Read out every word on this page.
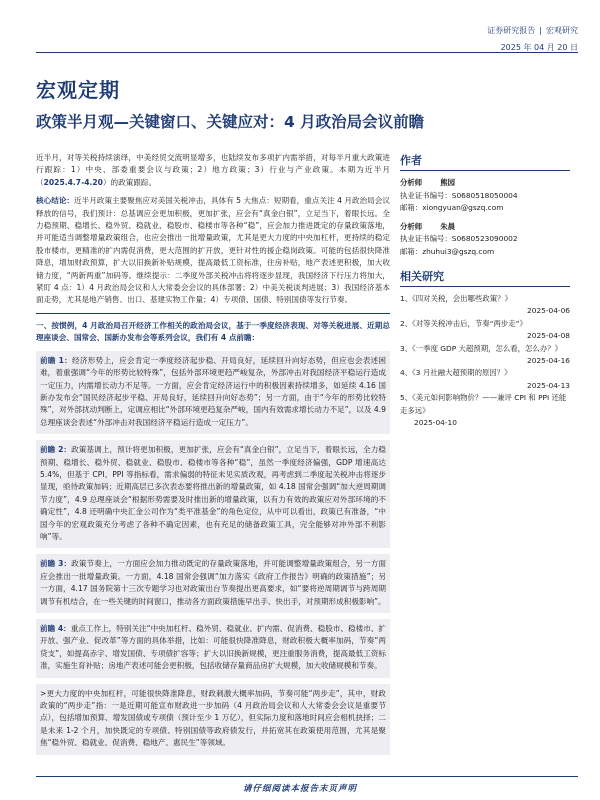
证券研究报告 | 宏观研究
2025 年 04 月 20 日
宏观定期
政策半月观—关键窗口、关键应对：4 月政治局会议前瞻

近半月，对等关税持续演绎，中美经贸交流明显增多，也陆续发布多项扩内需举措，对每半月重大政策进行跟踪：1）中央、部委重要会议与政策；2）地方政策；3）行业与产业政策。本期为近半月（2025.4.7-4.20）的政策跟踪。

核心结论：近半月政策主要聚焦应对美国关税冲击，具体有 5 大焦点：短期看，重点关注 4 月政治局会议释放的信号，我们预计：总基调应会更加积极，更加扩张，应会有“真金白银”，立足当下，着眼长远。全力稳预期、稳增长、稳外贸、稳就业、稳股市、稳楼市等各种“稳”，应会加力推进既定的存量政策落地，并可能适当调整增量政策组合，也应会推出一批增量政策，尤其是更大力度的中央加杠杆，更持续的稳定股市楼市，更精准的扩内需促消费，更大范围的扩开放，更针对性的援企稳岗政策。可能的包括很快降准降息，增加财政预算，扩大以旧换新补贴规模，提高最低工资标准，住房补贴，地产表述更积极，加大收储力度，“两新两重”加码等。继续提示：二季度外部关税冲击将将逐步显现，我国经济下行压力将加大，紧盯 4 点：1）4 月政治局会议和人大常委会会议的具体部署；2）中美关税谈判进展；3）我国经济基本面走势，尤其是地产销售、出口、基建实物工作量；4）专项债、国债、特别国债等发行节奏。

一、按惯例，4 月政治局召开经济工作相关的政治局会议，基于一季度经济表现、对等关税进展、近期总理座谈会、国常会、国新办发布会等系列会议，我们有 4 点前瞻：

前瞻 1：经济形势上，应会肯定一季度经济起步稳、开局良好，延续回升向好态势，但应也会表述困难，着重强调“今年的形势比较特殊”，包括外部环境更趋严峻复杂，外部冲击对我国经济平稳运行造成一定压力，内需增长动力不足等。一方面，应会肯定经济运行中的积极因素持续增多，如延续 4.16 国新办发布会“国民经济起步平稳、开局良好，延续回升向好态势”；另一方面，由于“今年的形势比较特殊”，对外部扰动判断上，定调应相比“外部环境更趋复杂严峻，国内有效需求增长动力不足”，以及 4.9 总理座谈会表述“外部冲击对我国经济平稳运行造成一定压力”。
前瞻 2：政策基调上，预计将更加积极，更加扩张，应会有“真金白银”，立足当下，着眼长远，全力稳预期、稳增长、稳外贸、稳就业、稳股市、稳楼市等各种“稳”，虽然一季度经济偏强，GDP 增速高达 5.4%，但基于 CPI、PPI 等指标看，需求偏弱的特征未见实质改观，再考虑到二季度起关税冲击将逐步显现，亟待政策加码；近期高层已多次表态要将推出新的增量政策，如 4.18 国常会强调“加大逆周期调节力度”，4.9 总理座谈会“根据形势需要及时推出新的增量政策，以有力有效的政策应对外部环境的不确定性”，4.8 还明确中央汇金公司作为“类平准基金”的角色定位，从中可以看出，政策已有准备，“中国今年的宏观政策充分考虑了各种不确定因素，也有充足的储备政策工具，完全能够对冲外部不利影响”等。
前瞻 3：政策节奏上，一方面应会加力推动既定的存量政策落地，并可能调整增量政策组合，另一方面应会推出一批增量政策。一方面，4.18 国常会强调“加力落实《政府工作报告》明确的政策措施”；另一方面，4.17 国务院第十三次专题学习也对政策出台节奏提出更高要求，如“要将逆周期调节与跨周期调节有机结合，在一些关键的时间窗口，推动各方面政策措施早出手、快出手，对预期形成积极影响”。
前瞻 4：重点工作上，特别关注“中央加杠杆、稳外贸、稳就业、扩内需、促消费、稳股市、稳楼市、扩开放、强产业、促改革”等方面的具体举措，比如：可能很快降准降息，财政积极大概率加码，节奏“两贷支”，如提高赤字、增发国债、专项债扩容等；扩大以旧换新规模，更注重服务消费，提高最低工资标准，实施生育补贴；房地产表述可能会更积极，包括收储存量商品房扩大规模，加大收储规模和节奏。
>更大力度的中央加杠杆，可能很快降准降息，财政刺激大概率加码，节奏可能“两步走”，其中，财政政策的“两步走”指：一是近期可能宣布财政进一步加码（4 月政治局会议和人大常委会会议是重要节点），包括增加预算、增发国债或专项债（预计至少 1 万亿），但实际力度和落地时间应会相机抉择；二是未来 1-2 个月，加快既定的专项债、特别国债等政府债发行，并拓宽其在政策使用范围，尤其是聚焦“稳外贸、稳就业、促消费、稳地产、惠民生”等领域。
作者
分析师 熊园
执业证书编号：S0680518050004
邮箱：xiongyuan@gszq.com
分析师 朱晨
执业证书编号：S0680523090002
邮箱：zhuhui3@gszq.com
相关研究
1、《四对关税，会出哪些政策？》
2025-04-06
2、《对等关税冲击后，节奏“两步走”》
2025-04-08
3、《一季度 GDP 大超预期，怎么看，怎么办？》
2025-04-16
4、《3 月社融大超预期的原因？》
2025-04-13
5、《美元如何影响物价？——兼评 CPI 和 PPI 还能走多远》
2025-04-10
请仔细阅读本报告末页声明
